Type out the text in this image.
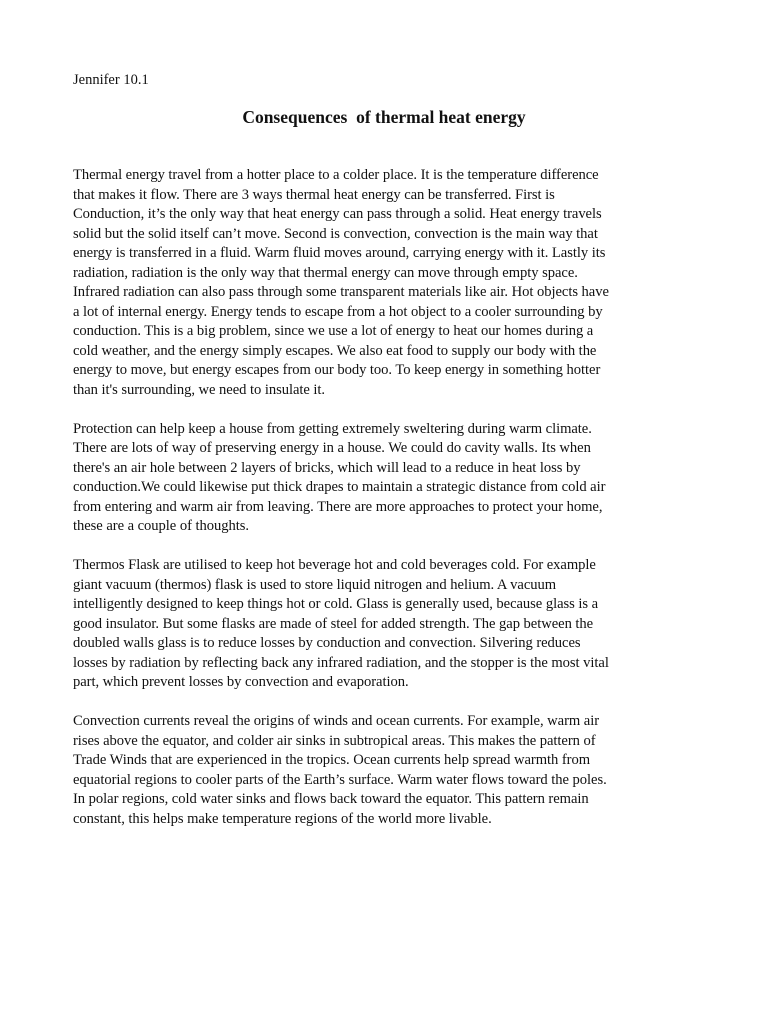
Jennifer 10.1
Consequences  of thermal heat energy
Thermal energy travel from a hotter place to a colder place. It is the temperature difference
that makes it flow. There are 3 ways thermal heat energy can be transferred. First is
Conduction, it’s the only way that heat energy can pass through a solid. Heat energy travels
solid but the solid itself can’t move. Second is convection, convection is the main way that
energy is transferred in a fluid. Warm fluid moves around, carrying energy with it. Lastly its
radiation, radiation is the only way that thermal energy can move through empty space.
Infrared radiation can also pass through some transparent materials like air. Hot objects have
a lot of internal energy. Energy tends to escape from a hot object to a cooler surrounding by
conduction. This is a big problem, since we use a lot of energy to heat our homes during a
cold weather, and the energy simply escapes. We also eat food to supply our body with the
energy to move, but energy escapes from our body too. To keep energy in something hotter
than it's surrounding, we need to insulate it.
Protection can help keep a house from getting extremely sweltering during warm climate.
There are lots of way of preserving energy in a house. We could do cavity walls. Its when
there's an air hole between 2 layers of bricks, which will lead to a reduce in heat loss by
conduction.We could likewise put thick drapes to maintain a strategic distance from cold air
from entering and warm air from leaving. There are more approaches to protect your home,
these are a couple of thoughts.
Thermos Flask are utilised to keep hot beverage hot and cold beverages cold. For example
giant vacuum (thermos) flask is used to store liquid nitrogen and helium. A vacuum
intelligently designed to keep things hot or cold. Glass is generally used, because glass is a
good insulator. But some flasks are made of steel for added strength. The gap between the
doubled walls glass is to reduce losses by conduction and convection. Silvering reduces
losses by radiation by reflecting back any infrared radiation, and the stopper is the most vital
part, which prevent losses by convection and evaporation.
Convection currents reveal the origins of winds and ocean currents. For example, warm air
rises above the equator, and colder air sinks in subtropical areas. This makes the pattern of
Trade Winds that are experienced in the tropics. Ocean currents help spread warmth from
equatorial regions to cooler parts of the Earth’s surface. Warm water flows toward the poles.
In polar regions, cold water sinks and flows back toward the equator. This pattern remain
constant, this helps make temperature regions of the world more livable.
